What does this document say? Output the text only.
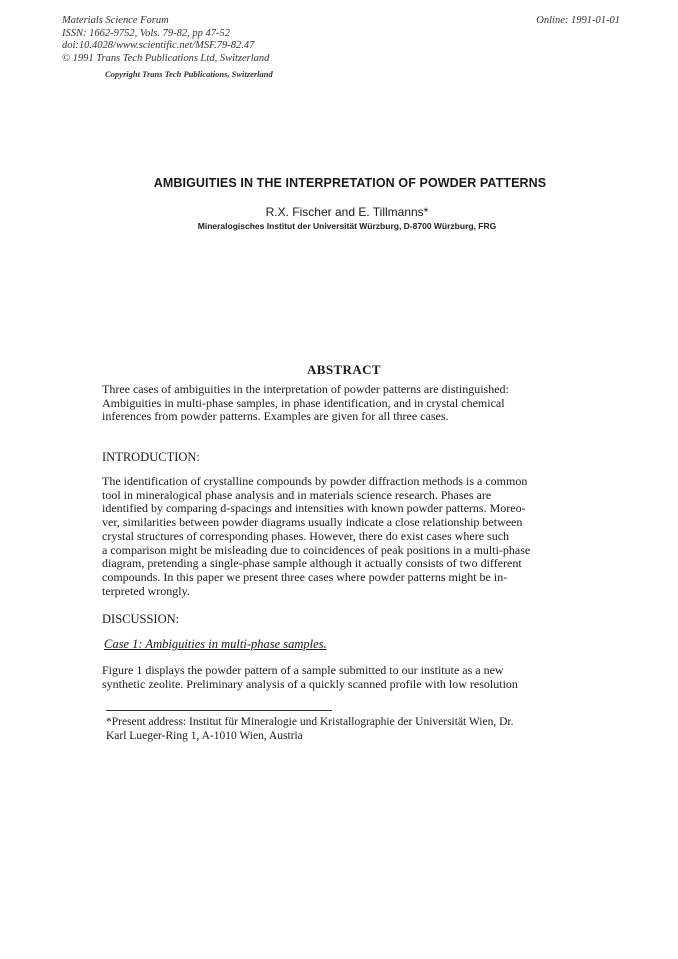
Materials Science Forum
ISSN: 1662-9752, Vols. 79-82, pp 47-52
doi:10.4028/www.scientific.net/MSF.79-82.47
© 1991 Trans Tech Publications Ltd, Switzerland
Online: 1991-01-01
Copyright Trans Tech Publications, Switzerland
AMBIGUITIES IN THE INTERPRETATION OF POWDER PATTERNS
R.X. Fischer and E. Tillmanns*
Mineralogisches Institut der Universität Würzburg, D-8700 Würzburg, FRG
ABSTRACT
Three cases of ambiguities in the interpretation of powder patterns are distinguished:
Ambiguities in multi-phase samples, in phase identification, and in crystal chemical
inferences from powder patterns. Examples are given for all three cases.
INTRODUCTION:
The identification of crystalline compounds by powder diffraction methods is a common
tool in mineralogical phase analysis and in materials science research. Phases are
identified by comparing d-spacings and intensities with known powder patterns. Moreo-
ver, similarities between powder diagrams usually indicate a close relationship between
crystal structures of corresponding phases. However, there do exist cases where such
a comparison might be misleading due to coincidences of peak positions in a multi-phase
diagram, pretending a single-phase sample although it actually consists of two different
compounds. In this paper we present three cases where powder patterns might be in-
terpreted wrongly.
DISCUSSION:
Case 1: Ambiguities in multi-phase samples.
Figure 1 displays the powder pattern of a sample submitted to our institute as a new
synthetic zeolite. Preliminary analysis of a quickly scanned profile with low resolution
*Present address: Institut für Mineralogie und Kristallographie der Universität Wien, Dr.
Karl Lueger-Ring 1, A-1010 Wien, Austria
